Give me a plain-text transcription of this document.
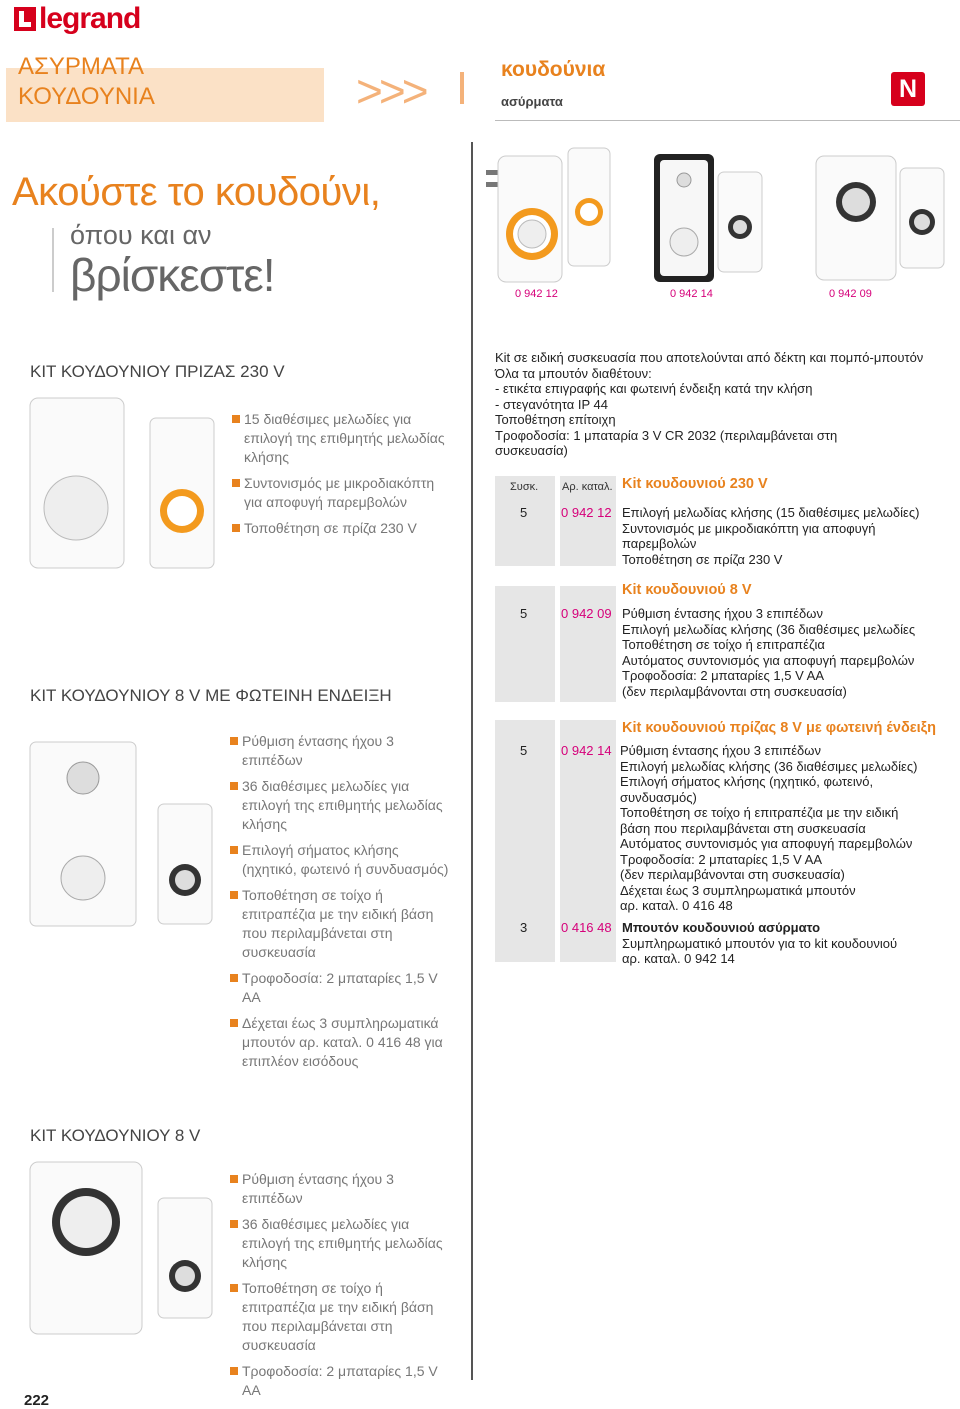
legrand
ΑΣΥΡΜΑΤΑ
ΚΟΥΔΟΥΝΙΑ	>>>	κουδούνια
ασύρματα	N
Ακούστε το κουδούνι,
όπου και αν
βρίσκεστε!	0 942 12	0 942 14	0 942 09
ΚΙΤ ΚΟΥΔΟΥΝΙΟΥ ΠΡΙΖΑΣ 230 V
15 διαθέσιμες μελωδίες για επιλογή της επιθμητής μελωδίας κλήσης
Συντονισμός με μικροδιακόπτη για αποφυγή παρεμβολών
Τοποθέτηση σε πρίζα 230 V
ΚΙΤ ΚΟΥΔΟΥΝΙΟΥ 8 V ΜΕ ΦΩΤΕΙΝΗ ΕΝΔΕΙΞΗ
Ρύθμιση έντασης ήχου 3 επιπέδων
36 διαθέσιμες μελωδίες για επιλογή της επιθμητής μελωδίας κλήσης
Επιλογή σήματος κλήσης (ηχητικό, φωτεινό ή συνδυασμός)
Τοποθέτηση σε τοίχο ή επιτραπέζια με την ειδική βάση που περιλαμβάνεται στη συσκευασία
Τροφοδοσία: 2 μπαταρίες 1,5 V AA
Δέχεται έως 3 συμπληρωματικά μπουτόν αρ. καταλ. 0 416 48 για επιπλέον εισόδους
ΚΙΤ ΚΟΥΔΟΥΝΙΟΥ 8 V
Ρύθμιση έντασης ήχου 3 επιπέδων
36 διαθέσιμες μελωδίες για επιλογή της επιθμητής μελωδίας κλήσης
Τοποθέτηση σε τοίχο ή επιτραπέζια με την ειδική βάση που περιλαμβάνεται στη συσκευασία
Τροφοδοσία: 2 μπαταρίες 1,5 V AA
Kit σε ειδική συσκευασία που αποτελούνται από δέκτη και πομπό-μπουτόν
Όλα τα μπουτόν διαθέτουν:
- ετικέτα επιγραφής και φωτεινή ένδειξη κατά την κλήση
- στεγανότητα IP 44
Τοποθέτηση επίτοιχη
Τροφοδοσία: 1 μπαταρία 3 V CR 2032 (περιλαμβάνεται στη
συσκευασία)
Συσκ. Αρ. καταλ. Kit κουδουνιού 230 V
5	0 942 12 Επιλογή μελωδίας κλήσης (15 διαθέσιμες μελωδίες)
Συντονισμός με μικροδιακόπτη για αποφυγή
παρεμβολών
Τοποθέτηση σε πρίζα 230 V
Kit κουδουνιού 8 V
5	0 942 09 Ρύθμιση έντασης ήχου 3 επιπέδων
Επιλογή μελωδίας κλήσης (36 διαθέσιμες μελωδίες
Τοποθέτηση σε τοίχο ή επιτραπέζια
Αυτόματος συντονισμός για αποφυγή παρεμβολών
Τροφοδοσία: 2 μπαταρίες 1,5 V AA
(δεν περιλαμβάνονται στη συσκευασία)
Kit κουδουνιού πρίζας 8 V με φωτεινή ένδειξη
5	0 942 14 Ρύθμιση έντασης ήχου 3 επιπέδων
Επιλογή μελωδίας κλήσης (36 διαθέσιμες μελωδίες)
Επιλογή σήματος κλήσης (ηχητικό, φωτεινό,
συνδυασμός)
Τοποθέτηση σε τοίχο ή επιτραπέζια με την ειδική
βάση που περιλαμβάνεται στη συσκευασία
Αυτόματος συντονισμός για αποφυγή παρεμβολών
Τροφοδοσία: 2 μπαταρίες 1,5 V AA
(δεν περιλαμβάνονται στη συσκευασία)
Δέχεται έως 3 συμπληρωματικά μπουτόν
αρ. καταλ. 0 416 48
3	0 416 48 Μπουτόν κουδουνιού ασύρματο
Συμπληρωματικό μπουτόν για το kit κουδουνιού
αρ. καταλ. 0 942 14
222
